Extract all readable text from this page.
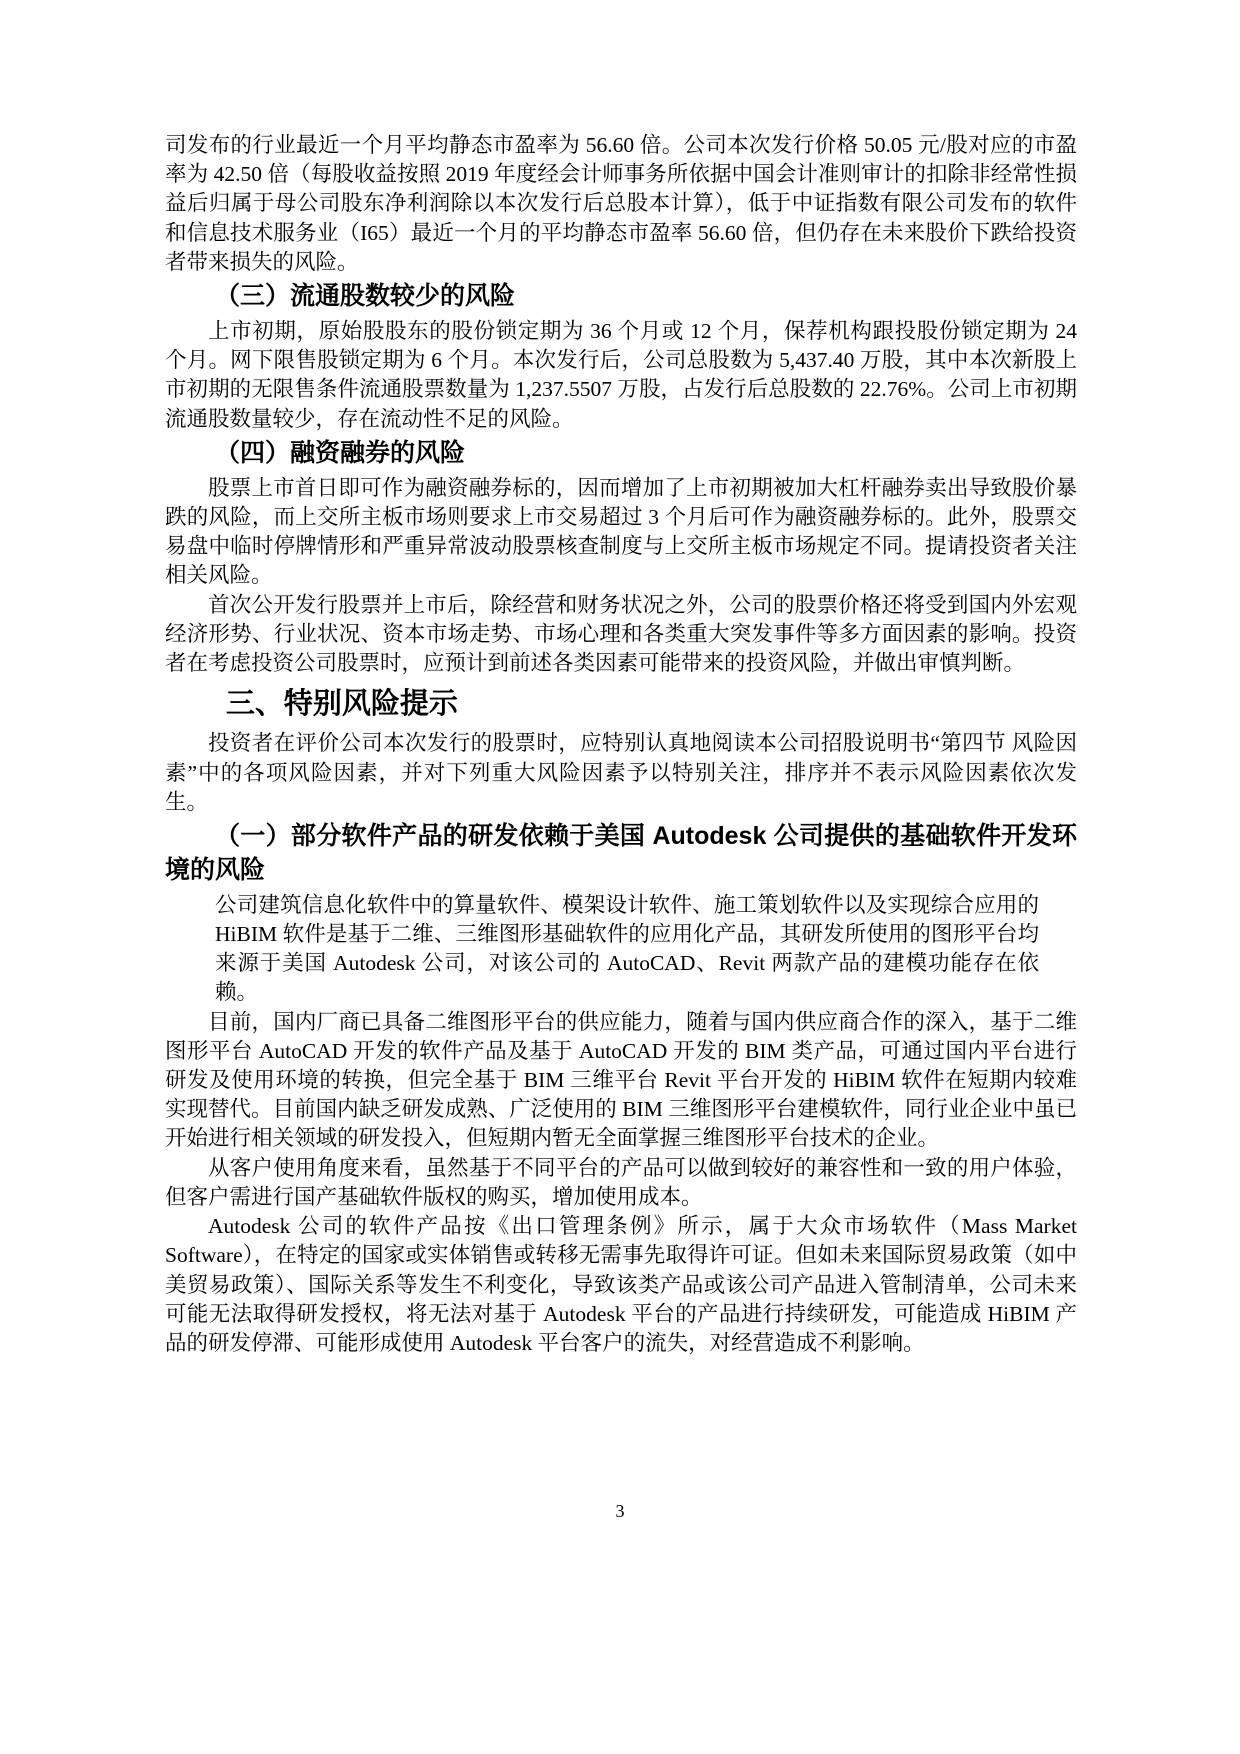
司发布的行业最近一个月平均静态市盈率为 56.60 倍。公司本次发行价格 50.05 元/股对应的市盈率为 42.50 倍（每股收益按照 2019 年度经会计师事务所依据中国会计准则审计的扣除非经常性损益后归属于母公司股东净利润除以本次发行后总股本计算），低于中证指数有限公司发布的软件和信息技术服务业（I65）最近一个月的平均静态市盈率 56.60 倍，但仍存在未来股价下跌给投资者带来损失的风险。

（三）流通股数较少的风险

上市初期，原始股股东的股份锁定期为 36 个月或 12 个月，保荐机构跟投股份锁定期为 24 个月。网下限售股锁定期为 6 个月。本次发行后，公司总股数为 5,437.40 万股，其中本次新股上市初期的无限售条件流通股票数量为 1,237.5507 万股，占发行后总股数的 22.76%。公司上市初期流通股数量较少，存在流动性不足的风险。

（四）融资融券的风险

股票上市首日即可作为融资融券标的，因而增加了上市初期被加大杠杆融券卖出导致股价暴跌的风险，而上交所主板市场则要求上市交易超过 3 个月后可作为融资融券标的。此外，股票交易盘中临时停牌情形和严重异常波动股票核查制度与上交所主板市场规定不同。提请投资者关注相关风险。

首次公开发行股票并上市后，除经营和财务状况之外，公司的股票价格还将受到国内外宏观经济形势、行业状况、资本市场走势、市场心理和各类重大突发事件等多方面因素的影响。投资者在考虑投资公司股票时，应预计到前述各类因素可能带来的投资风险，并做出审慎判断。

三、特别风险提示

投资者在评价公司本次发行的股票时，应特别认真地阅读本公司招股说明书“第四节 风险因素”中的各项风险因素，并对下列重大风险因素予以特别关注，排序并不表示风险因素依次发生。

（一）部分软件产品的研发依赖于美国 Autodesk 公司提供的基础软件开发环境的风险

公司建筑信息化软件中的算量软件、模架设计软件、施工策划软件以及实现综合应用的 HiBIM 软件是基于二维、三维图形基础软件的应用化产品，其研发所使用的图形平台均来源于美国 Autodesk 公司，对该公司的 AutoCAD、Revit 两款产品的建模功能存在依赖。

目前，国内厂商已具备二维图形平台的供应能力，随着与国内供应商合作的深入，基于二维图形平台 AutoCAD 开发的软件产品及基于 AutoCAD 开发的 BIM 类产品，可通过国内平台进行研发及使用环境的转换，但完全基于 BIM 三维平台 Revit 平台开发的 HiBIM 软件在短期内较难实现替代。目前国内缺乏研发成熟、广泛使用的 BIM 三维图形平台建模软件，同行业企业中虽已开始进行相关领域的研发投入，但短期内暂无全面掌握三维图形平台技术的企业。

从客户使用角度来看，虽然基于不同平台的产品可以做到较好的兼容性和一致的用户体验，但客户需进行国产基础软件版权的购买，增加使用成本。

Autodesk 公司的软件产品按《出口管理条例》所示，属于大众市场软件（Mass Market Software），在特定的国家或实体销售或转移无需事先取得许可证。但如未来国际贸易政策（如中美贸易政策）、国际关系等发生不利变化，导致该类产品或该公司产品进入管制清单，公司未来可能无法取得研发授权，将无法对基于 Autodesk 平台的产品进行持续研发，可能造成 HiBIM 产品的研发停滞、可能形成使用 Autodesk 平台客户的流失，对经营造成不利影响。

3
